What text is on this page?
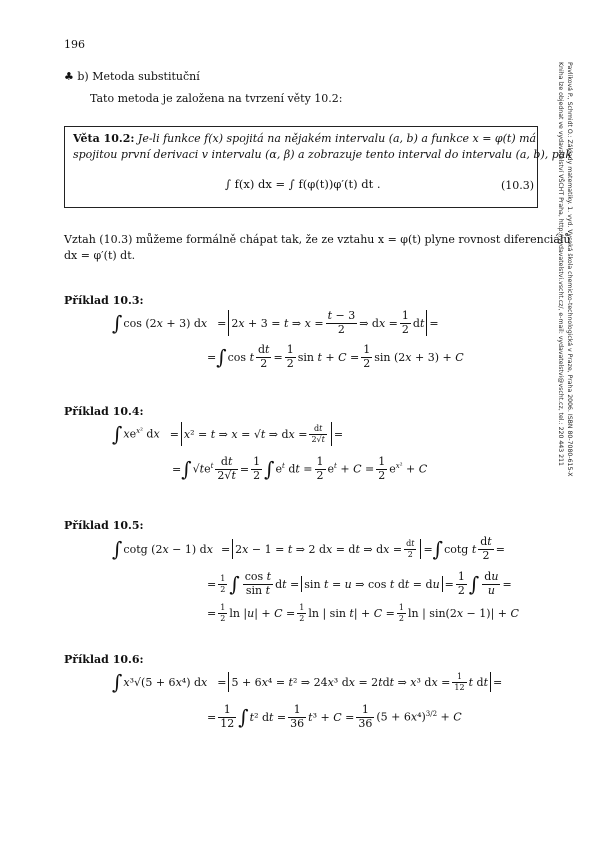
196
♣ b) Metoda substituční
Tato metoda je založena na tvrzení věty 10.2:
Věta 10.2: Je-li funkce f(x) spojitá na nějakém intervalu (a, b) a funkce x = φ(t) má
spojitou první derivaci v intervalu (α, β) a zobrazuje tento interval do intervalu (a, b), pak
∫ f(x) dx = ∫ f(φ(t))φ′(t) dt .	(10.3)
Vztah (10.3) můžeme formálně chápat tak, že ze vztahu x = φ(t) plyne rovnost diferenciálů
dx = φ′(t) dt.
Příklad 10.3:
∫ cos (2x + 3) dx = 2x + 3 = t ⇒ $x = \frac{t - 3}{2}$ ⇒ dx = $\frac{1}{2}$ dt =
= ∫ cos t $\frac{dt}{2} = \frac{1}{2}$ $\sin t + C = \frac{1}{2}$ sin (2x + 3) + C
Příklad 10.4:
∫ $xe^{x^2}$ dx = x² = t ⇒ x = √t ⇒ dx = $\frac{dt}{2√t}$ =
= ∫ $√te^t \frac{dt}{2√t} = \frac{1}{2}$ ∫ $e^t$ dt = $\frac{1}{2} e^t + C = \frac{1}{2} e^{x^2} + C$
Příklad 10.5:
∫ cotg (2x − 1) dx = 2x − 1 = t ⇒ 2 dx = dt ⇒ dx = $\frac{dt}{2}$ = ∫ cotg t $\frac{dt}{2}$ =
= $\frac{1}{2}$ ∫ $\frac{\text{cos t}}{\text{sin t}}$ dt = sin t = u ⇒ cos t dt = du = $\frac{1}{2}$ ∫ $\frac{du}{u}$ =
= $\frac{1}{2}$ $\ln |u| + C = \frac{1}{2}$ ln | $\sin t| + C = \frac{1}{2}$ ln | sin(2x − 1)| + C
Příklad 10.6:
∫ x³√(5 + 6x⁴) dx = 5 + 6x⁴ = t² ⇒ 24x³ dx = 2tdt ⇒ x³ dx = $\frac{1}{12}$ t dt =
= $\frac{1}{12}$ ∫ t² dt = $\frac{1}{36} t^3 + C = \frac{1}{36} (5 + 6x^4)^{3/2} + C$
Pavlíková P., Schmidt O.: Základy matematiky. 1. vyd. Vysoká škola chemicko-technologická v Praze, Praha 2006. ISBN 80-7080-615-X
Kniha lze objednat ve vydavatelství VŠCHT Praha, http://vydavatelstvi.vscht.cz/, e-mail: vydavatelstvi@vscht.cz, tel.: 220 443 211
